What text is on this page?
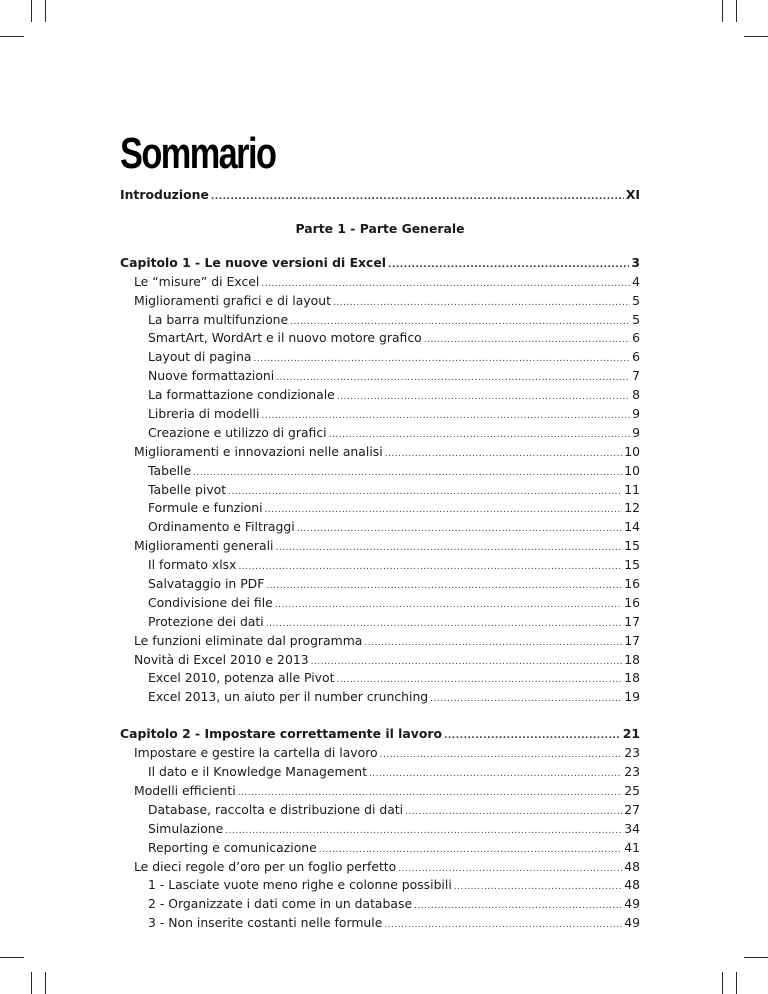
Sommario
Introduzione .....	XI
Parte 1 - Parte Generale
Capitolo 1 - Le nuove versioni di Excel .....	3
Le “misure” di Excel .....	4
Miglioramenti grafici e di layout .....	5
La barra multifunzione .....	5
SmartArt, WordArt e il nuovo motore grafico .....	6
Layout di pagina .....	6
Nuove formattazioni .....	7
La formattazione condizionale .....	8
Libreria di modelli .....	9
Creazione e utilizzo di grafici .....	9
Miglioramenti e innovazioni nelle analisi .....	10
Tabelle .....	10
Tabelle pivot .....	11
Formule e funzioni .....	12
Ordinamento e Filtraggi .....	14
Miglioramenti generali .....	15
Il formato xlsx .....	15
Salvataggio in PDF .....	16
Condivisione dei file .....	16
Protezione dei dati .....	17
Le funzioni eliminate dal programma .....	17
Novità di Excel 2010 e 2013 .....	18
Excel 2010, potenza alle Pivot .....	18
Excel 2013, un aiuto per il number crunching .....	19
Capitolo 2 - Impostare correttamente il lavoro .....	21
Impostare e gestire la cartella di lavoro .....	23
Il dato e il Knowledge Management .....	23
Modelli efficienti .....	25
Database, raccolta e distribuzione di dati .....	27
Simulazione .....	34
Reporting e comunicazione .....	41
Le dieci regole d’oro per un foglio perfetto .....	48
1 - Lasciate vuote meno righe e colonne possibili .....	48
2 - Organizzate i dati come in un database .....	49
3 - Non inserite costanti nelle formule .....	49
